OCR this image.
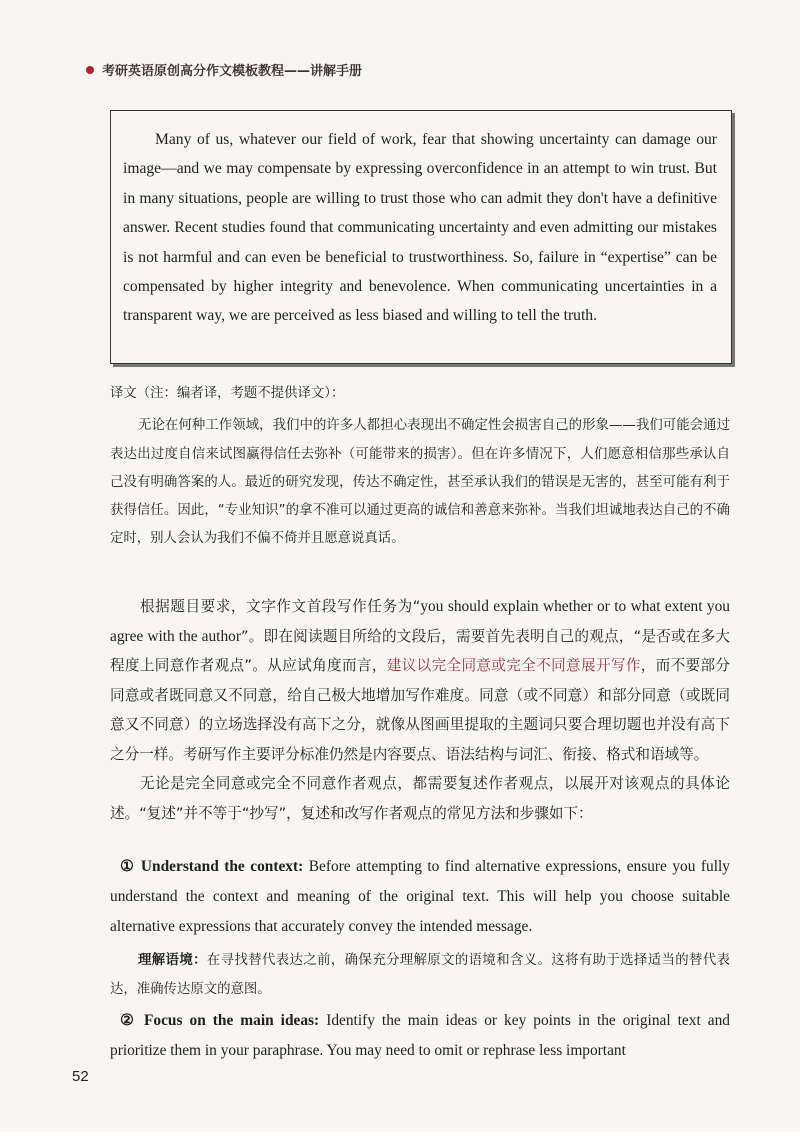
考研英语原创高分作文模板教程——讲解手册

Many of us, whatever our field of work, fear that showing uncertainty can damage our image—and we may compensate by expressing overconfidence in an attempt to win trust. But in many situations, people are willing to trust those who can admit they don't have a definitive answer. Recent studies found that communicating uncertainty and even admitting our mistakes is not harmful and can even be beneficial to trustworthiness. So, failure in “expertise” can be compensated by higher integrity and benevolence. When communicating uncertainties in a transparent way, we are perceived as less biased and willing to tell the truth.

译文（注：编者译，考题不提供译文）：

无论在何种工作领域，我们中的许多人都担心表现出不确定性会损害自己的形象——我们可能会通过表达出过度自信来试图赢得信任去弥补（可能带来的损害）。但在许多情况下，人们愿意相信那些承认自己没有明确答案的人。最近的研究发现，传达不确定性，甚至承认我们的错误是无害的，甚至可能有利于获得信任。因此，“专业知识”的拿不准可以通过更高的诚信和善意来弥补。当我们坦诚地表达自己的不确定时，别人会认为我们不偏不倚并且愿意说真话。

根据题目要求，文字作文首段写作任务为“you should explain whether or to what extent you agree with the author”。即在阅读题目所给的文段后，需要首先表明自己的观点，“是否或在多大程度上同意作者观点”。从应试角度而言，建议以完全同意或完全不同意展开写作，而不要部分同意或者既同意又不同意，给自己极大地增加写作难度。同意（或不同意）和部分同意（或既同意又不同意）的立场选择没有高下之分，就像从图画里提取的主题词只要合理切题也并没有高下之分一样。考研写作主要评分标准仍然是内容要点、语法结构与词汇、衔接、格式和语域等。

无论是完全同意或完全不同意作者观点，都需要复述作者观点，以展开对该观点的具体论述。“复述”并不等于“抄写”，复述和改写作者观点的常见方法和步骤如下：

① Understand the context: Before attempting to find alternative expressions, ensure you fully understand the context and meaning of the original text. This will help you choose suitable alternative expressions that accurately convey the intended message.

理解语境：在寻找替代表达之前，确保充分理解原文的语境和含义。这将有助于选择适当的替代表达，准确传达原文的意图。

② Focus on the main ideas: Identify the main ideas or key points in the original text and prioritize them in your paraphrase. You may need to omit or rephrase less important

52
